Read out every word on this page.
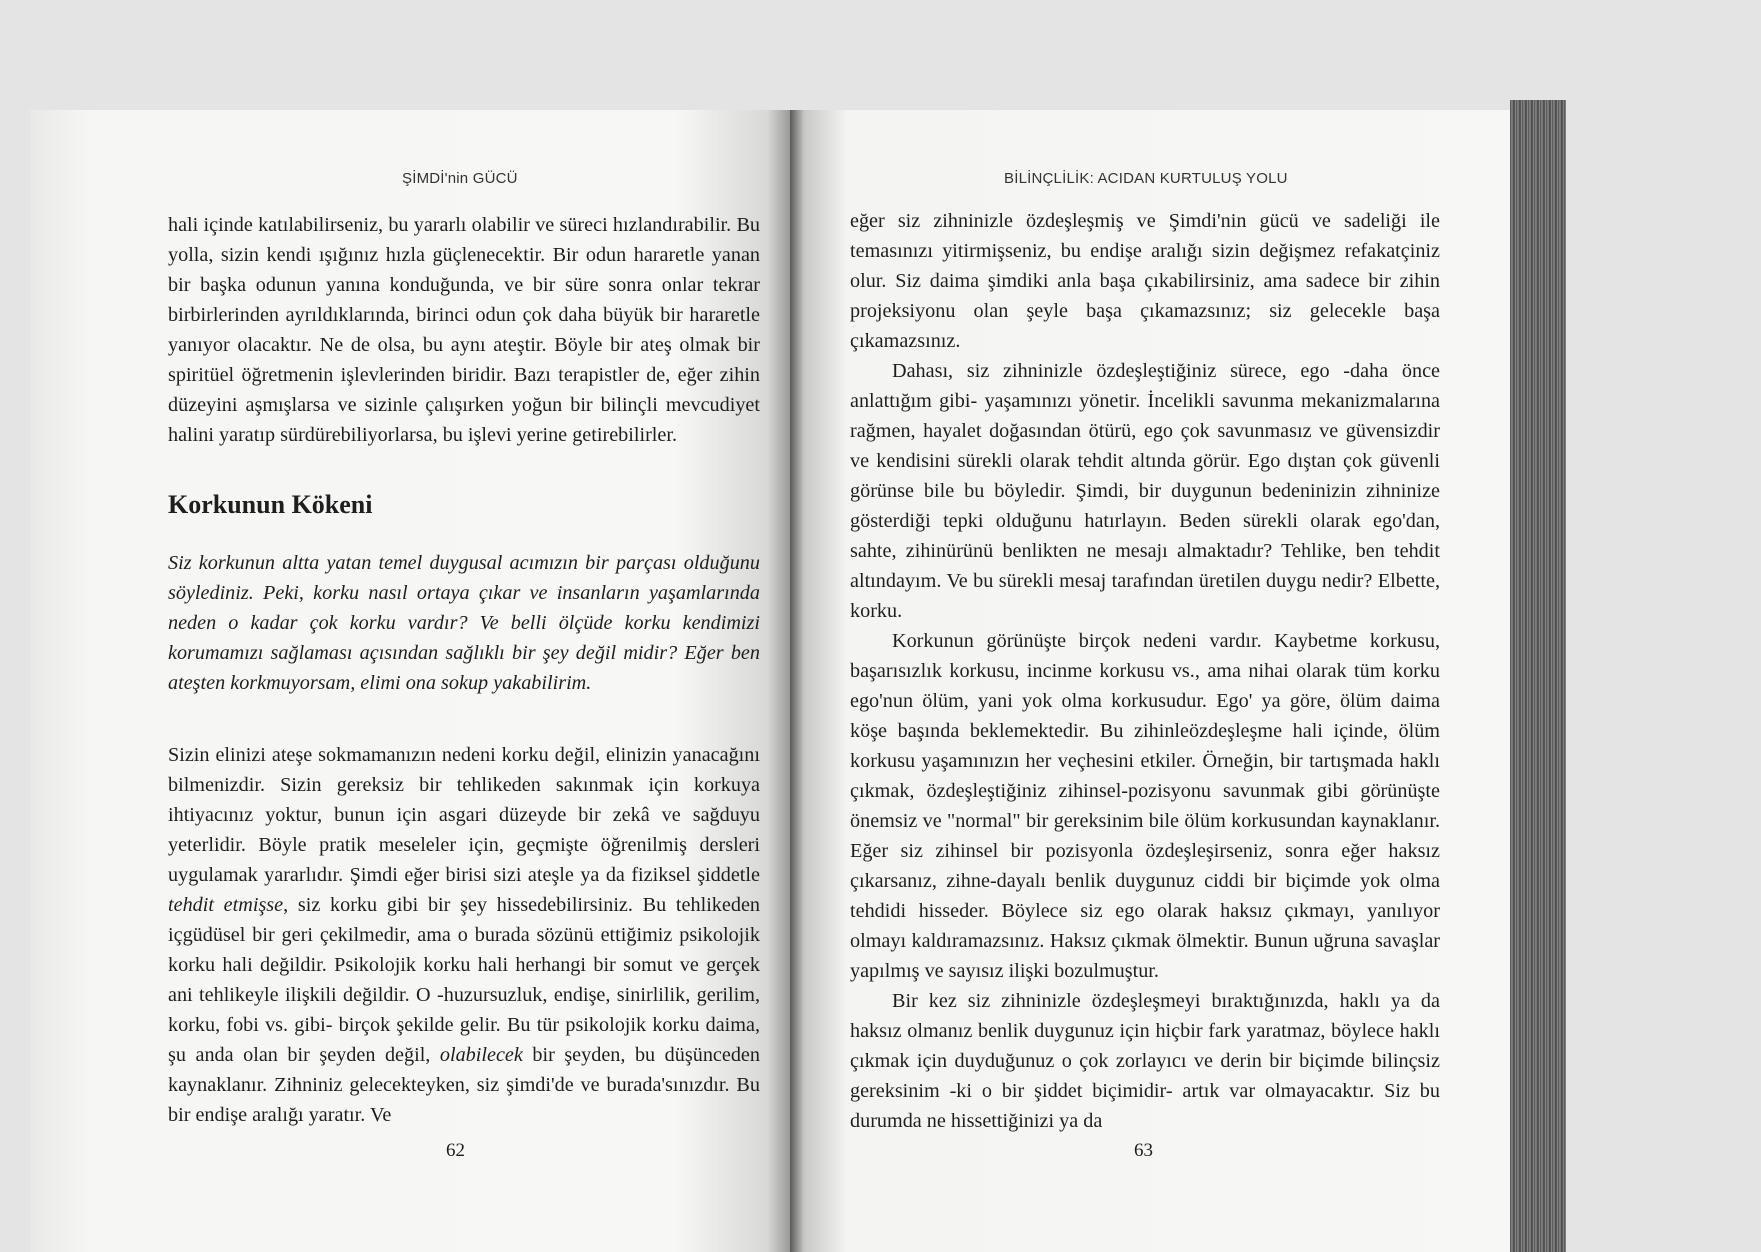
ŞİMDİ'nin GÜCÜ

hali içinde katılabilirseniz, bu yararlı olabilir ve süreci hızlandırabilir. Bu yolla, sizin kendi ışığınız hızla güçlenecektir. Bir odun hararetle yanan bir başka odunun yanına konduğunda, ve bir süre sonra onlar tekrar birbirlerinden ayrıldıklarında, birinci odun çok daha büyük bir hararetle yanıyor olacaktır. Ne de olsa, bu aynı ateştir. Böyle bir ateş olmak bir spiritüel öğretmenin işlevlerinden biridir. Bazı terapistler de, eğer zihin düzeyini aşmışlarsa ve sizinle çalışırken yoğun bir bilinçli mevcudiyet halini yaratıp sürdürebiliyorlarsa, bu işlevi yerine getirebilirler.

Korkunun Kökeni

Siz korkunun altta yatan temel duygusal acımızın bir parçası olduğunu söylediniz. Peki, korku nasıl ortaya çıkar ve insanların yaşamlarında neden o kadar çok korku vardır? Ve belli ölçüde korku kendimizi korumamızı sağlaması açısından sağlıklı bir şey değil midir? Eğer ben ateşten korkmuyorsam, elimi ona sokup yakabilirim.

Sizin elinizi ateşe sokmamanızın nedeni korku değil, elinizin yanacağını bilmenizdir. Sizin gereksiz bir tehlikeden sakınmak için korkuya ihtiyacınız yoktur, bunun için asgari düzeyde bir zekâ ve sağduyu yeterlidir. Böyle pratik meseleler için, geçmişte öğrenilmiş dersleri uygulamak yararlıdır. Şimdi eğer birisi sizi ateşle ya da fiziksel şiddetle tehdit etmişse, siz korku gibi bir şey hissedebilirsiniz. Bu tehlikeden içgüdüsel bir geri çekilmedir, ama o burada sözünü ettiğimiz psikolojik korku hali değildir. Psikolojik korku hali herhangi bir somut ve gerçek ani tehlikeyle ilişkili değildir. O -huzursuzluk, endişe, sinirlilik, gerilim, korku, fobi vs. gibi- birçok şekilde gelir. Bu tür psikolojik korku daima, şu anda olan bir şeyden değil, olabilecek bir şeyden, bu düşünceden kaynaklanır. Zihniniz gelecekteyken, siz şimdi'de ve burada'sınızdır. Bu bir endişe aralığı yaratır. Ve

62
BİLİNÇLİLİK: ACIDAN KURTULUŞ YOLU

eğer siz zihninizle özdeşleşmiş ve Şimdi'nin gücü ve sadeliği ile temasınızı yitirmişseniz, bu endişe aralığı sizin değişmez refakatçiniz olur. Siz daima şimdiki anla başa çıkabilirsiniz, ama sadece bir zihin projeksiyonu olan şeyle başa çıkamazsınız; siz gelecekle başa çıkamazsınız.

Dahası, siz zihninizle özdeşleştiğiniz sürece, ego -daha önce anlattığım gibi- yaşamınızı yönetir. İncelikli savunma mekanizmalarına rağmen, hayalet doğasından ötürü, ego çok savunmasız ve güvensizdir ve kendisini sürekli olarak tehdit altında görür. Ego dıştan çok güvenli görünse bile bu böyledir. Şimdi, bir duygunun bedeninizin zihninize gösterdiği tepki olduğunu hatırlayın. Beden sürekli olarak ego'dan, sahte, zihinürünü benlikten ne mesajı almaktadır? Tehlike, ben tehdit altındayım. Ve bu sürekli mesaj tarafından üretilen duygu nedir? Elbette, korku.

Korkunun görünüşte birçok nedeni vardır. Kaybetme korkusu, başarısızlık korkusu, incinme korkusu vs., ama nihai olarak tüm korku ego'nun ölüm, yani yok olma korkusudur. Ego' ya göre, ölüm daima köşe başında beklemektedir. Bu zihinleözdeşleşme hali içinde, ölüm korkusu yaşamınızın her veçhesini etkiler. Örneğin, bir tartışmada haklı çıkmak, özdeşleştiğiniz zihinsel-pozisyonu savunmak gibi görünüşte önemsiz ve "normal" bir gereksinim bile ölüm korkusundan kaynaklanır. Eğer siz zihinsel bir pozisyonla özdeşleşirseniz, sonra eğer haksız çıkarsanız, zihne-dayalı benlik duygunuz ciddi bir biçimde yok olma tehdidi hisseder. Böylece siz ego olarak haksız çıkmayı, yanılıyor olmayı kaldıramazsınız. Haksız çıkmak ölmektir. Bunun uğruna savaşlar yapılmış ve sayısız ilişki bozulmuştur.

Bir kez siz zihninizle özdeşleşmeyi bıraktığınızda, haklı ya da haksız olmanız benlik duygunuz için hiçbir fark yaratmaz, böylece haklı çıkmak için duyduğunuz o çok zorlayıcı ve derin bir biçimde bilinçsiz gereksinim -ki o bir şiddet biçimidir- artık var olmayacaktır. Siz bu durumda ne hissettiğinizi ya da

63
